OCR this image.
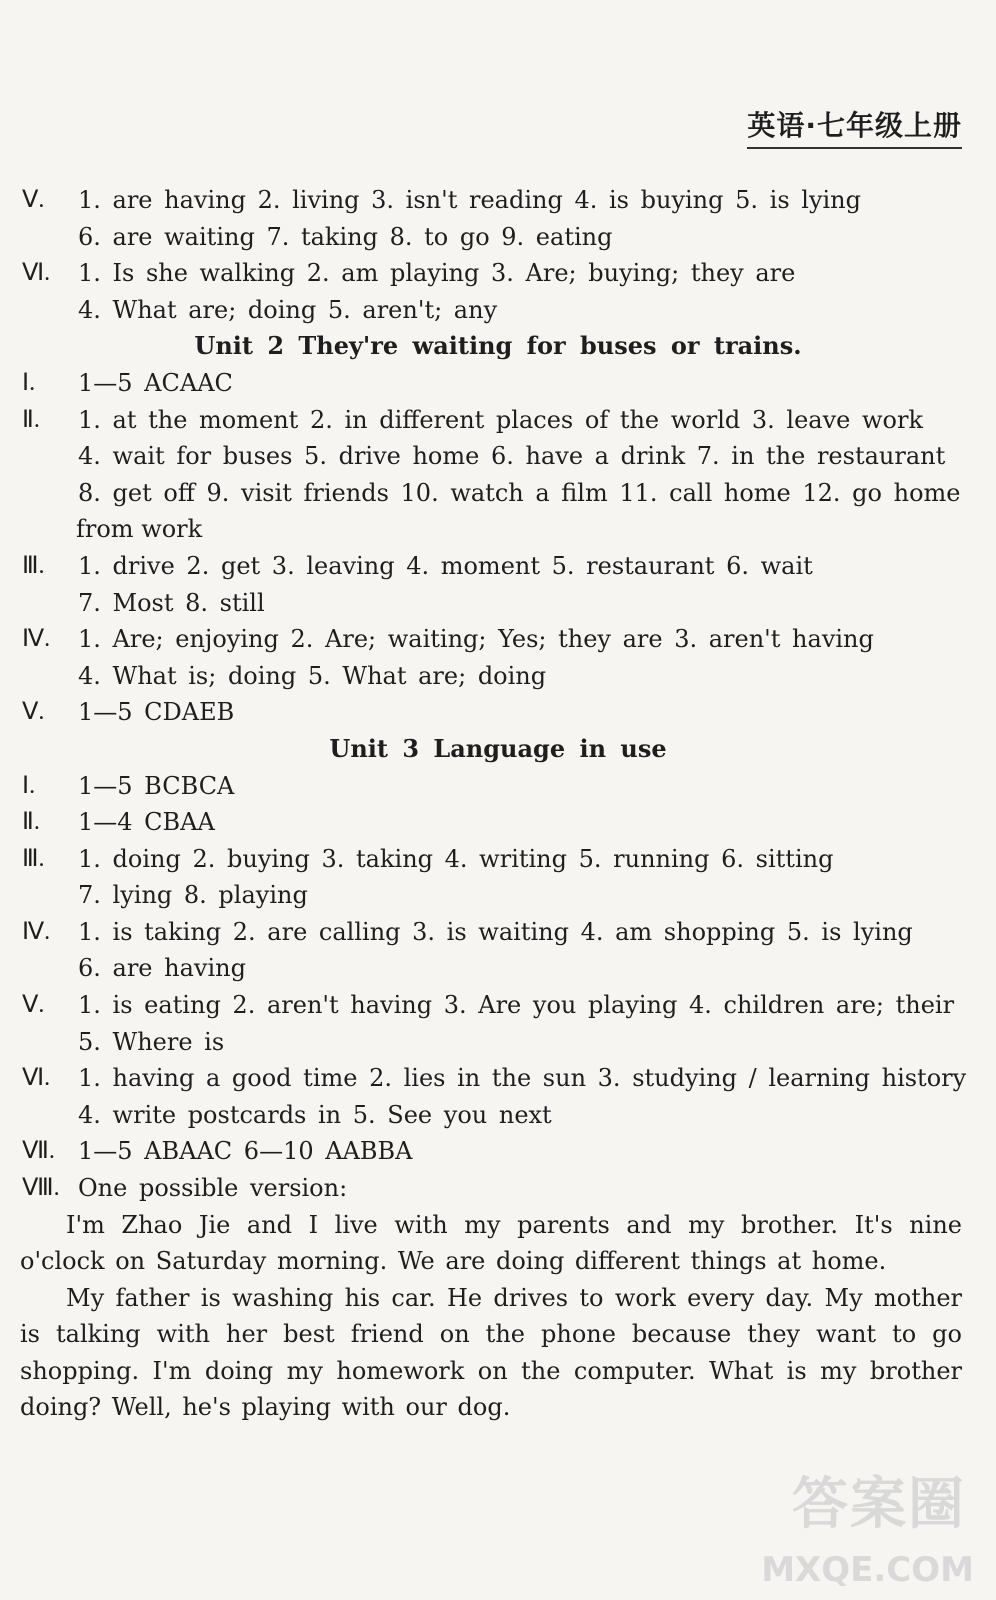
英语·七年级上册
Ⅴ.	1. are having 2. living 3. isn't reading 4. is buying 5. is lying
6. are waiting 7. taking 8. to go 9. eating
Ⅵ.	1. Is she walking 2. am playing 3. Are; buying; they are
4. What are; doing 5. aren't; any
Unit 2 They're waiting for buses or trains.
Ⅰ.	1—5 ACAAC
Ⅱ.	1. at the moment 2. in different places of the world 3. leave work
4. wait for buses 5. drive home 6. have a drink 7. in the restaurant
8. get off 9. visit friends 10. watch a film 11. call home 12. go home
from work
Ⅲ.	1. drive 2. get 3. leaving 4. moment 5. restaurant 6. wait
7. Most 8. still
Ⅳ.	1. Are; enjoying 2. Are; waiting; Yes; they are 3. aren't having
4. What is; doing 5. What are; doing
Ⅴ.	1—5 CDAEB
Unit 3 Language in use
Ⅰ.	1—5 BCBCA
Ⅱ.	1—4 CBAA
Ⅲ.	1. doing 2. buying 3. taking 4. writing 5. running 6. sitting
7. lying 8. playing
Ⅳ.	1. is taking 2. are calling 3. is waiting 4. am shopping 5. is lying
6. are having
Ⅴ.	1. is eating 2. aren't having 3. Are you playing 4. children are; their
5. Where is
Ⅵ.	1. having a good time 2. lies in the sun 3. studying / learning history
4. write postcards in 5. See you next
Ⅶ. 1—5 ABAAC 6—10 AABBA
Ⅷ. One possible version:
I'm Zhao Jie and I live with my parents and my brother. It's nine o'clock on Saturday morning. We are doing different things at home.
My father is washing his car. He drives to work every day. My mother is talking with her best friend on the phone because they want to go shopping. I'm doing my homework on the computer. What is my brother doing? Well, he's playing with our dog.
答案圈
MXQE.COM
